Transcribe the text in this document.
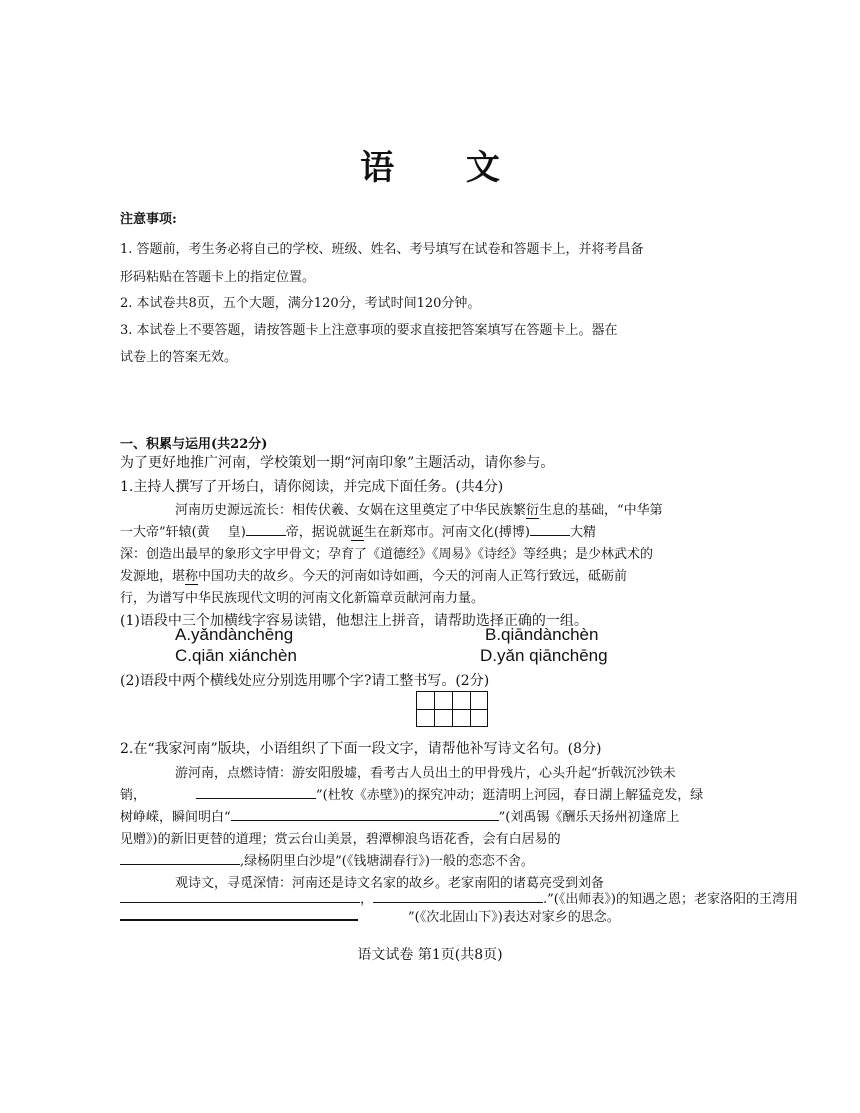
语 文
注意事项:
1. 答题前，考生务必将自己的学校、班级、姓名、考号填写在试卷和答题卡上，并将考昌备
形码粘贴在答题卡上的指定位置。
2. 本试卷共8页，五个大题，满分120分，考试时间120分钟。
3. 本试卷上不要答题，请按答题卡上注意事项的要求直接把答案填写在答题卡上。器在
试卷上的答案无效。
一、积累与运用(共22分)
为了更好地推广河南，学校策划一期“河南印象”主题活动，请你参与。
1.主持人撰写了开场白，请你阅读，并完成下面任务。(共4分)
河南历史源远流长：相传伏羲、女娲在这里奠定了中华民族繁衍生息的基础，“中华第
一大帝”轩辕(黄 皇)	帝，据说就诞生在新郑市。河南文化(搏博)	大精
深：创造出最早的象形文字甲骨文；孕育了《道德经》《周易》《诗经》等经典；是少林武术的
发源地，堪称中国功夫的故乡。今天的河南如诗如画，今天的河南人正笃行致远，砥砺前
行，为谱写中华民族现代文明的河南文化新篇章贡献河南力量。
(1)语段中三个加横线字容易读错，他想注上拼音，请帮助选择正确的一组。
A.yǎndànchēng	B.qiāndànchèn
C.qiān xiánchèn	D.yǎn qiānchēng
(2)语段中两个横线处应分别选用哪个字?请工整书写。(2分)
2.在“我家河南”版块，小语组织了下面一段文字，请帮他补写诗文名句。(8分)
游河南，点燃诗情：游安阳殷墟，看考古人员出土的甲骨残片，心头升起“折戟沉沙铁未
销，	”(杜牧《赤壁》)的探究冲动；逛清明上河园，春日湖上解猛竞发，绿
树峥嵘，瞬间明白“	”(刘禹锡《酬乐天扬州初逢席上
见赠》)的新旧更替的道理；赏云台山美景，碧潭柳浪鸟语花香，会有白居易的
,绿杨阴里白沙堤”(《钱塘湖春行》)一般的恋恋不舍。
观诗文，寻觅深情：河南还是诗文名家的故乡。老家南阳的诸葛亮受到刘备
，	.”(《出师表》)的知遇之恩；老家洛阳的王湾用
”(《次北固山下》)表达对家乡的思念。
语文试卷 第1页(共8页)
